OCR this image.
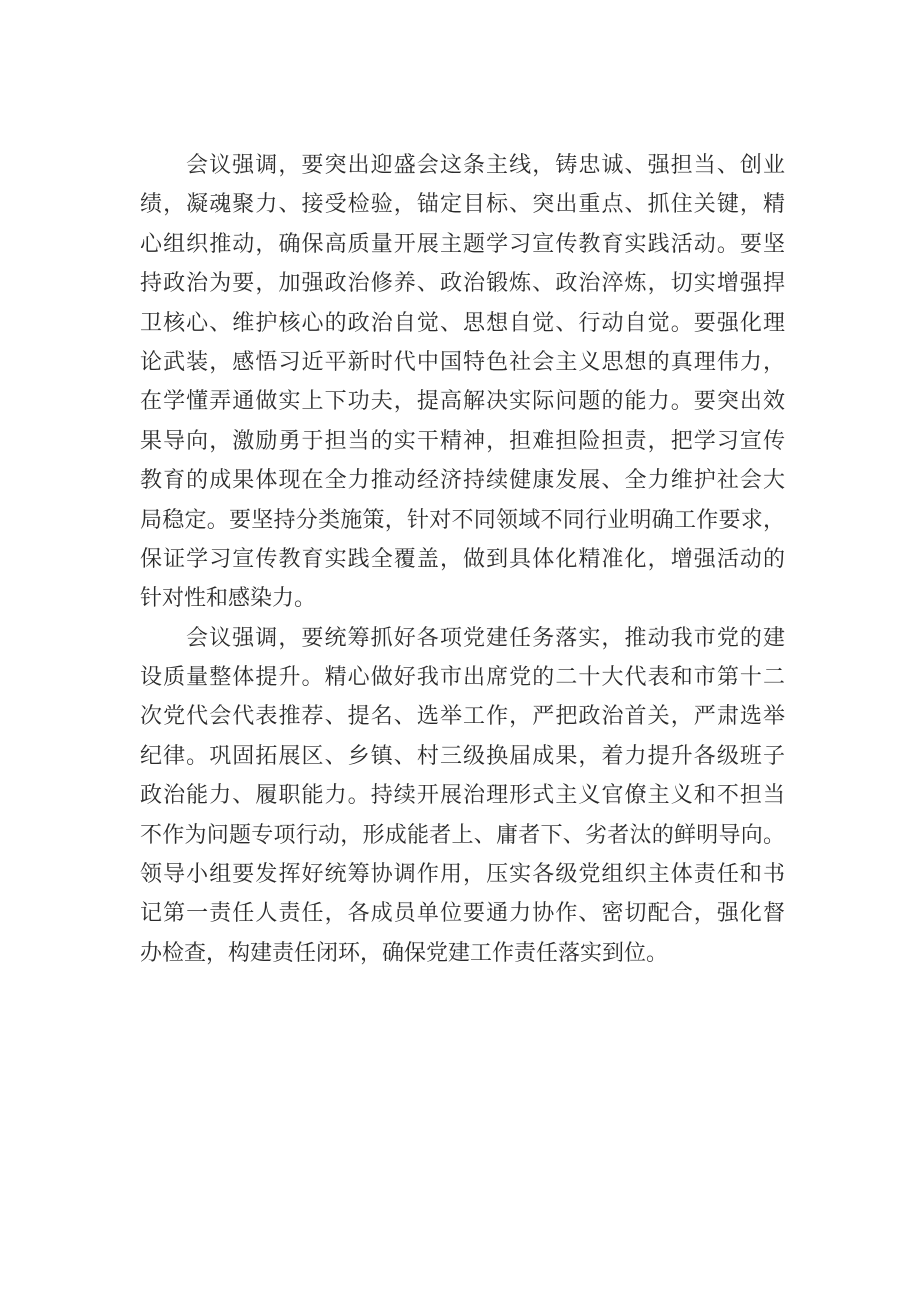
会议强调，要突出迎盛会这条主线，铸忠诚、强担当、创业
绩，凝魂聚力、接受检验，锚定目标、突出重点、抓住关键，精
心组织推动，确保高质量开展主题学习宣传教育实践活动。要坚
持政治为要，加强政治修养、政治锻炼、政治淬炼，切实增强捍
卫核心、维护核心的政治自觉、思想自觉、行动自觉。要强化理
论武装，感悟习近平新时代中国特色社会主义思想的真理伟力，
在学懂弄通做实上下功夫，提高解决实际问题的能力。要突出效
果导向，激励勇于担当的实干精神，担难担险担责，把学习宣传
教育的成果体现在全力推动经济持续健康发展、全力维护社会大
局稳定。要坚持分类施策，针对不同领域不同行业明确工作要求，
保证学习宣传教育实践全覆盖，做到具体化精准化，增强活动的
针对性和感染力。
会议强调，要统筹抓好各项党建任务落实，推动我市党的建
设质量整体提升。精心做好我市出席党的二十大代表和市第十二
次党代会代表推荐、提名、选举工作，严把政治首关，严肃选举
纪律。巩固拓展区、乡镇、村三级换届成果，着力提升各级班子
政治能力、履职能力。持续开展治理形式主义官僚主义和不担当
不作为问题专项行动，形成能者上、庸者下、劣者汰的鲜明导向。
领导小组要发挥好统筹协调作用，压实各级党组织主体责任和书
记第一责任人责任，各成员单位要通力协作、密切配合，强化督
办检查，构建责任闭环，确保党建工作责任落实到位。
